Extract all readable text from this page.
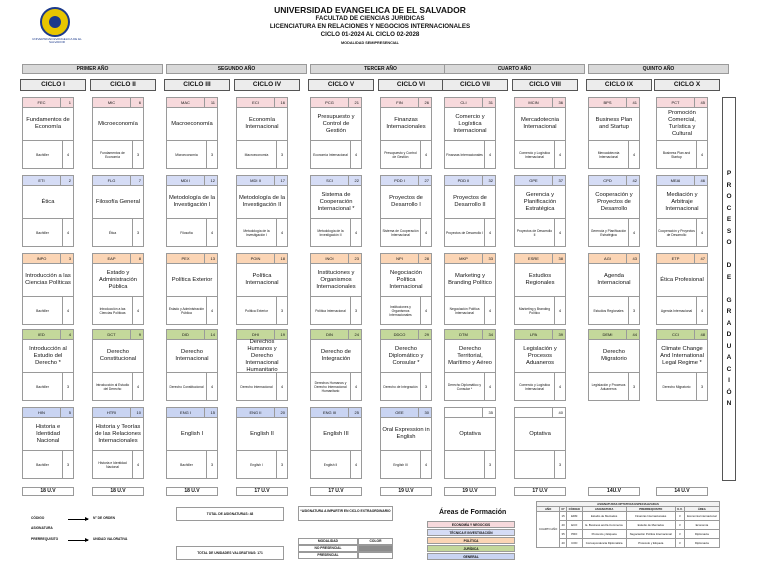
UNIVERSIDAD EVANGELICA DE EL SALVADOR
UNIVERSIDAD EVANGELICA DE EL SALVADOR
FACULTAD DE CIENCIAS JURIDICAS
LICENCIATURA EN RELACIONES Y NEGOCIOS INTERNACIONALES
CICLO 01-2024 AL CICLO 02-2028
MODALIDAD SEMIPRESENCIAL
PRIMER AÑO	SEGUNDO AÑO	TERCER AÑO	CUARTO AÑO	QUINTO AÑO
CICLO I	CICLO II	CICLO III	CICLO IV	CICLO V	CICLO VI	CICLO VII	CICLO VIII	CICLO IX	CICLO X
FEC	1
Fundamentos de Economía
Bachiller	4
MIC	6
Microeconomía
Fundamentos de Economía	3
MAC	11
Macroeconomía
Microeconomía	3
ECI	16
Economía Internacional
Macroeconomía	3
PCG	21
Presupuesto y Control de Gestión
Economía Internacional	4
FIN	26
Finanzas Internacionales
Presupuesto y Control de Gestión	4
CLI	31
Comercio y Logística Internacional
Finanzas Internacionales	4
MCIN	36
Mercadotecnia Internacional
Comercio y Logística Internacional	4
BPS	41
Business Plan and Startup
Mercadotecnia Internacional	4
PCT	45
Promoción Comercial, Turística y Cultural
Business Plan and Startup	4
ETI	2
Ética
Bachiller	4
FLG	7
Filosofía General
Ética	3
MDI I	12
Metodología de la Investigación I
Filosofía	4
MDI II	17
Metodología de la Investigación II
Metodología de la Investigación I	4
SCI	22
Sistema de Cooperación Internacional *
Metodología de la Investigación II	4
PDD I	27
Proyectos de Desarrollo I
Sistema de Cooperación Internacional	4
PDD II	32
Proyectos de Desarrollo II
Proyectos de Desarrollo I	4
GPE	37
Gerencia y Planificación Estratégica
Proyectos de Desarrollo II	4
CPD	42
Cooperación y Proyectos de Desarrollo
Gerencia y Planificación Estratégica	4
MEAI	46
Mediación y Arbitraje Internacional
Cooperación y Proyectos de Desarrollo	4
INPO	3
Introducción a las Ciencias Políticas
Bachiller	4
EAP	8
Estado y Administración Pública
Introducción a las Ciencias Políticas	4
PEX	13
Política Exterior
Estado y Administración Pública	4
POIN	18
Política Internacional
Política Exterior	3
INOI	23
Instituciones y Organismos Internacionales
Política Internacional	3
NPI	28
Negociación Política Internacional
Instituciones y Organismos Internacionales
4
MKP	33
Marketing y Branding Político
Negociación Política Internacional	4
ESRE	38
Estudios Regionales
Marketing y Branding Político	4
AGI	43
Agenda Internacional
Estudios Regionales	3
ETP	47
Ética Profesional
Agenda Internacional	4
IED	4
Introducción al Estudio del Derecho *
Bachiller	3
DCT	9
Derecho Constitucional
Introducción al Estudio del Derecho	4
DID	14
Derecho Internacional
Derecho Constitucional	4
DHI	19
Derechos Humanos y Derecho Internacional Humanitario
Derecho Internacional	4
DIN	24
Derecho de Integración
Derechos Humanos y Derecho Internacional Humanitario
4
DDCO	29
Derecho Diplomático y Consular *
Derecho de Integración	3
DTM	34
Derecho Territorial, Marítimo y Aéreo
Derecho Diplomático y Consular *	4
LPA	39
Legislación y Procesos Aduaneros
Comercio y Logística Internacional	4
DEMI	44
Derecho Migratorio
Legislación y Procesos Aduaneros	3
CCI	48
Climate Change And International Legal Regime *
Derecho Migratorio	3
HIN	5
Historia e Identidad Nacional
Bachiller	3
HTRI	10
Historia y Teorías de las Relaciones Internacionales
Historia e Identidad Nacional	4
ENG I	15
English I
Bachiller	3
ENG II	20
English II
English I	3
ENG III	25
English III
English II	4
OEE	30
Oral Expression in English
English III	4
35
Optativa
3
40
Optativa
3
18 U.V	18 U.V	18 U.V	17 U.V	17 U.V	19 U.V	19 U.V	17 U.V	14U.V	14 U.V
P
R
O
C
E
S
O

D
E

G
R
A
D
U
A
C
I
Ó
N
CÓDIGO
ASIGNATURA
PRERREQUISITO
N° DE ORDEN
UNIDAD VALORATIVA
TOTAL DE ASIGNATURAS: 48
TOTAL DE UNIDADES VALORATIVAS: 171
*ASIGNATURA A IMPARTIR EN CICLO EXTRAORDINARIO
MODALIDAD	COLOR
NO PRESENCIAL
PRESENCIAL
Áreas de Formación
ECONOMÍA Y NEGOCIOS
TÉCNICA E INVESTIGACIÓN
POLÍTICA
JURÍDICA
GENERAL
ASIGNATURAS OPTATIVAS ESPECIALIZADAS						
AÑO	N°	CÓDIGO	ASIGNATURA	PRERREQUISITO	U.V.	ÁREA
CUARTO AÑO	15	EDM	Estudio de Mercados	Finanzas Internacionales	3	Economía Internacional
	40	ECO	E- Business and E-Commerce	Estudio de Mercados	3	Economía
	35	PRO	Protocolo y Etiqueta	Negociación Política Internacional	3	Diplomacia
	40	COD	Correspondencia Diplomática	Protocolo y Etiqueta	3	Diplomacia
